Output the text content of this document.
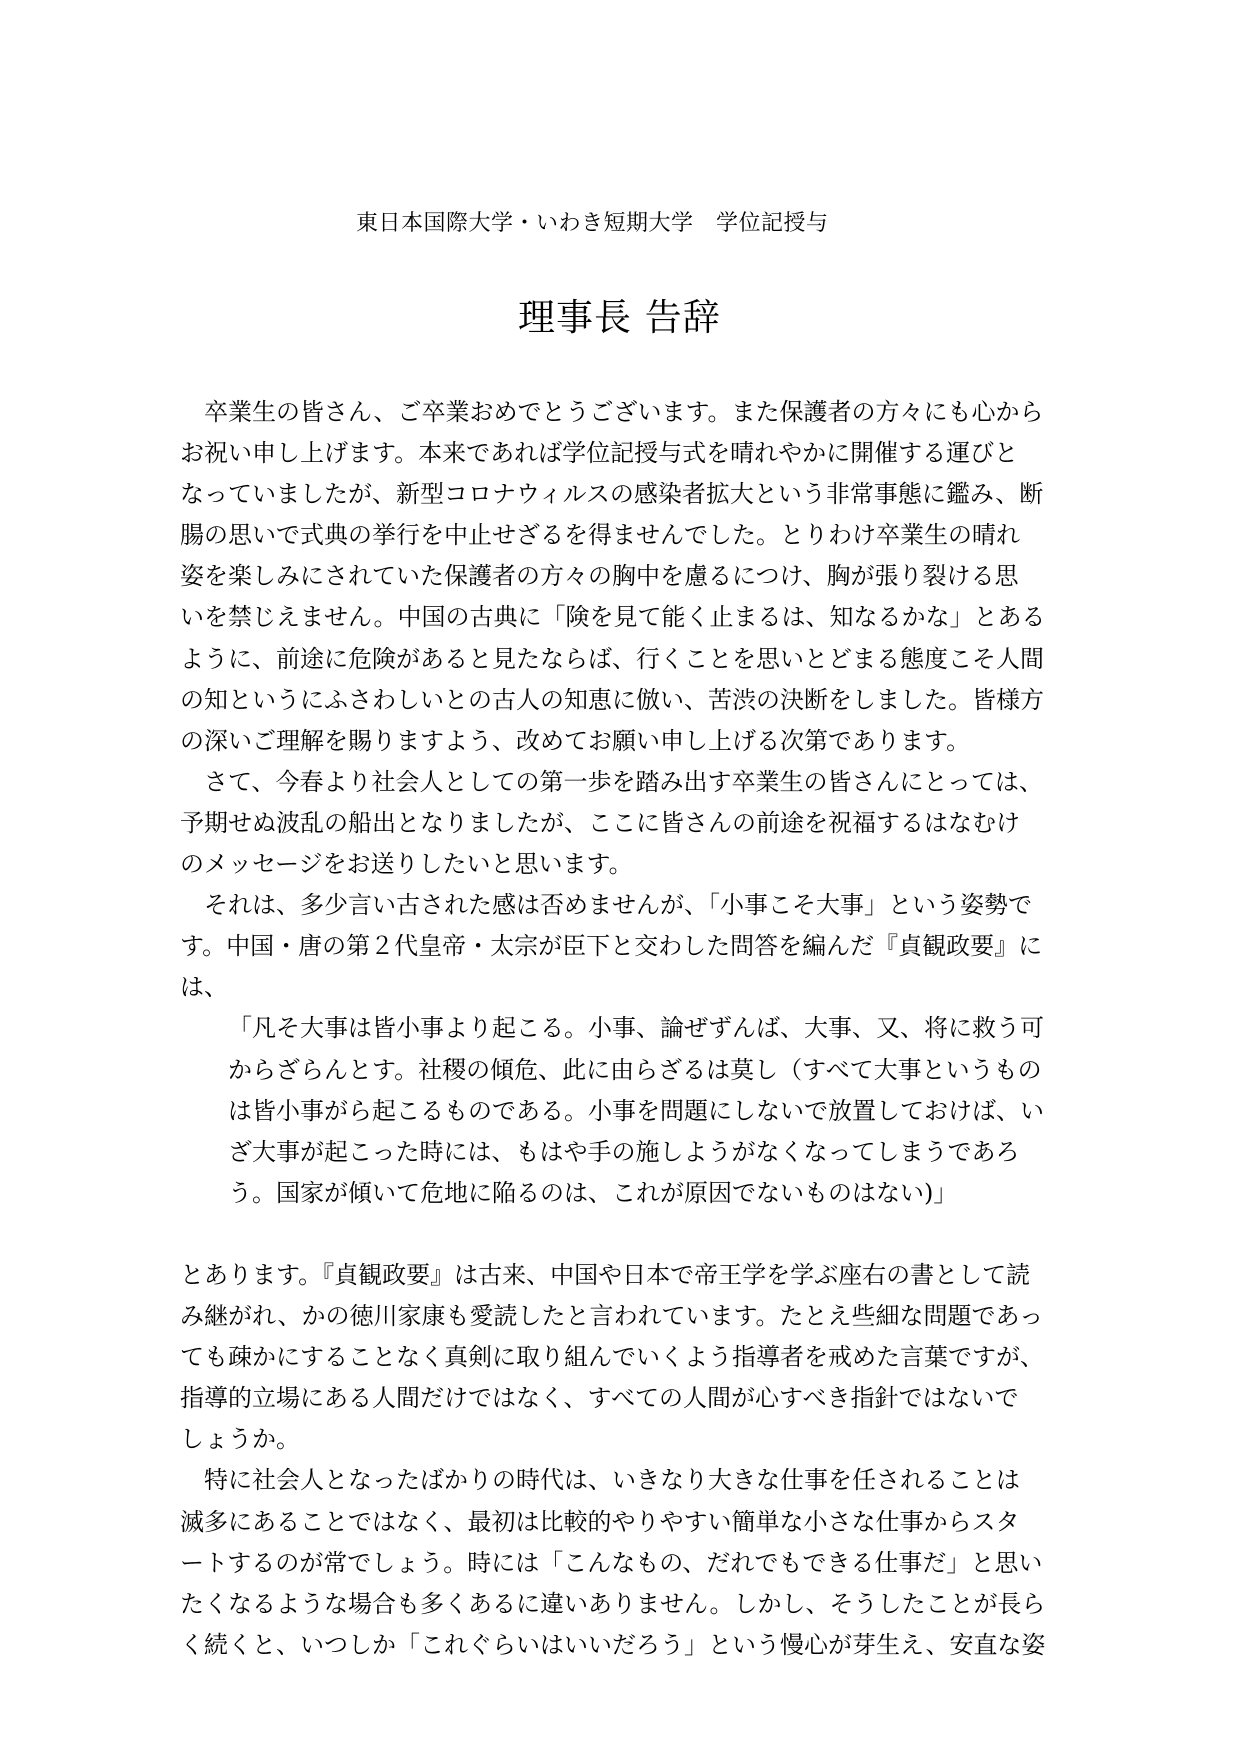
東日本国際大学・いわき短期大学　学位記授与
理事長 告辞
　卒業生の皆さん、ご卒業おめでとうございます。また保護者の方々にも心から
お祝い申し上げます。本来であれば学位記授与式を晴れやかに開催する運びと
なっていましたが、新型コロナウィルスの感染者拡大という非常事態に鑑み、断
腸の思いで式典の挙行を中止せざるを得ませんでした。とりわけ卒業生の晴れ
姿を楽しみにされていた保護者の方々の胸中を慮るにつけ、胸が張り裂ける思
いを禁じえません。中国の古典に「険を見て能く止まるは、知なるかな」とある
ように、前途に危険があると見たならば、行くことを思いとどまる態度こそ人間
の知というにふさわしいとの古人の知恵に倣い、苦渋の決断をしました。皆様方
の深いご理解を賜りますよう、改めてお願い申し上げる次第であります。
　さて、今春より社会人としての第一歩を踏み出す卒業生の皆さんにとっては、
予期せぬ波乱の船出となりましたが、ここに皆さんの前途を祝福するはなむけ
のメッセージをお送りしたいと思います。
　それは、多少言い古された感は否めませんが、「小事こそ大事」という姿勢で
す。中国・唐の第２代皇帝・太宗が臣下と交わした問答を編んだ『貞観政要』に
は、
「凡そ大事は皆小事より起こる。小事、論ぜずんば、大事、又、将に救う可
からざらんとす。社稷の傾危、此に由らざるは莫し（すべて大事というもの
は皆小事がら起こるものである。小事を問題にしないで放置しておけば、い
ざ大事が起こった時には、もはや手の施しようがなくなってしまうであろ
う。国家が傾いて危地に陥るのは、これが原因でないものはない)」
とあります。『貞観政要』は古来、中国や日本で帝王学を学ぶ座右の書として読
み継がれ、かの徳川家康も愛読したと言われています。たとえ些細な問題であっ
ても疎かにすることなく真剣に取り組んでいくよう指導者を戒めた言葉ですが、
指導的立場にある人間だけではなく、すべての人間が心すべき指針ではないで
しょうか。
　特に社会人となったばかりの時代は、いきなり大きな仕事を任されることは
滅多にあることではなく、最初は比較的やりやすい簡単な小さな仕事からスタ
ートするのが常でしょう。時には「こんなもの、だれでもできる仕事だ」と思い
たくなるような場合も多くあるに違いありません。しかし、そうしたことが長ら
く続くと、いつしか「これぐらいはいいだろう」という慢心が芽生え、安直な姿
